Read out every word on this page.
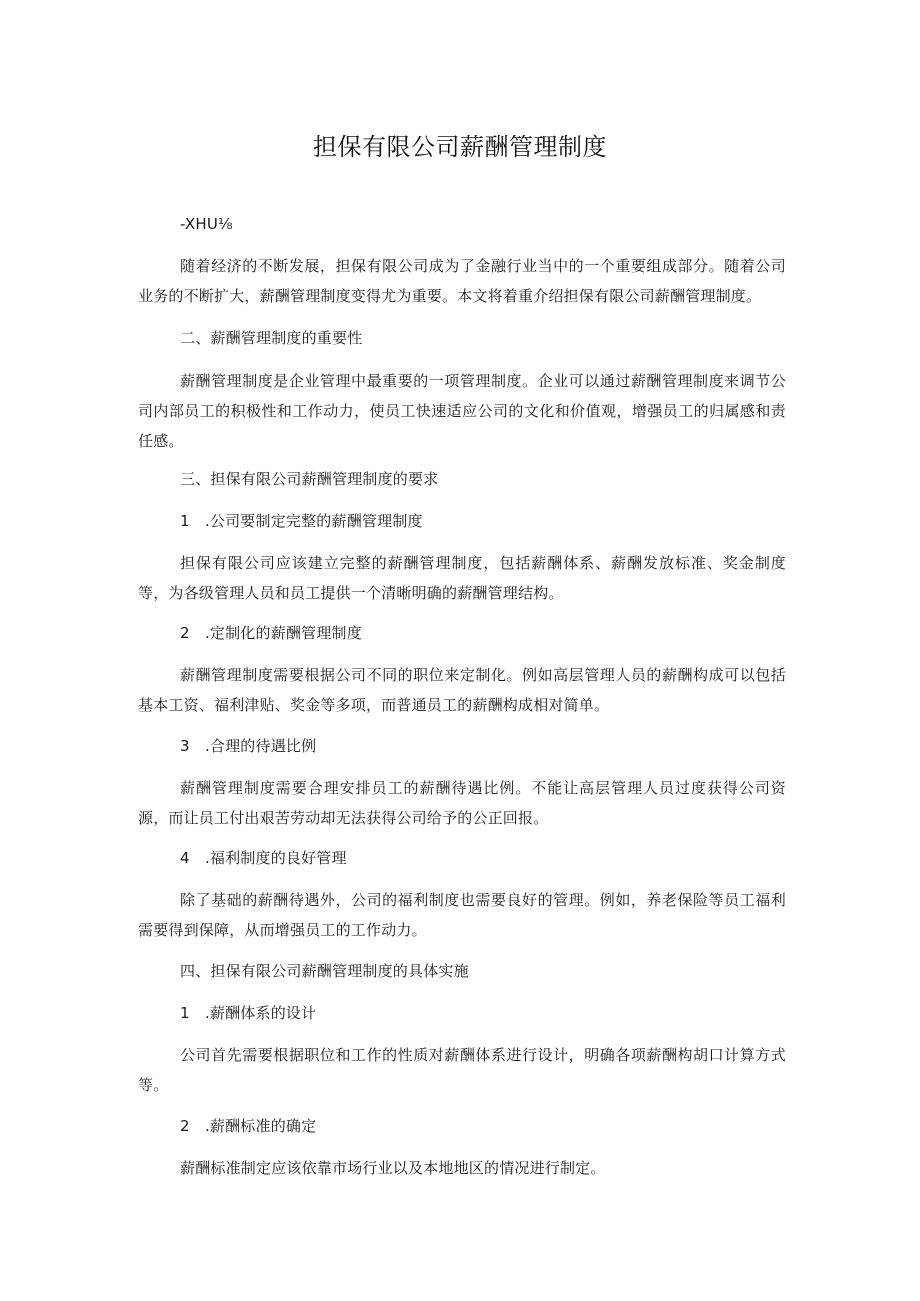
担保有限公司薪酬管理制度
-XHU⅛
随着经济的不断发展，担保有限公司成为了金融行业当中的一个重要组成部分。随着公司业务的不断扩大，薪酬管理制度变得尤为重要。本文将着重介绍担保有限公司薪酬管理制度。
二、薪酬管理制度的重要性
薪酬管理制度是企业管理中最重要的一项管理制度。企业可以通过薪酬管理制度来调节公司内部员工的积极性和工作动力，使员工快速适应公司的文化和价值观，增强员工的归属感和责任感。
三、担保有限公司薪酬管理制度的要求
1　.公司要制定完整的薪酬管理制度
担保有限公司应该建立完整的薪酬管理制度，包括薪酬体系、薪酬发放标准、奖金制度等，为各级管理人员和员工提供一个清晰明确的薪酬管理结构。
2　.定制化的薪酬管理制度
薪酬管理制度需要根据公司不同的职位来定制化。例如高层管理人员的薪酬构成可以包括基本工资、福利津贴、奖金等多项，而普通员工的薪酬构成相对简单。
3　.合理的待遇比例
薪酬管理制度需要合理安排员工的薪酬待遇比例。不能让高层管理人员过度获得公司资源，而让员工付出艰苦劳动却无法获得公司给予的公正回报。
4　.福利制度的良好管理
除了基础的薪酬待遇外，公司的福利制度也需要良好的管理。例如，养老保险等员工福利需要得到保障，从而增强员工的工作动力。
四、担保有限公司薪酬管理制度的具体实施
1　.薪酬体系的设计
公司首先需要根据职位和工作的性质对薪酬体系进行设计，明确各项薪酬构胡口计算方式等。
2　.薪酬标准的确定
薪酬标准制定应该依靠市场行业以及本地地区的情况进行制定。
